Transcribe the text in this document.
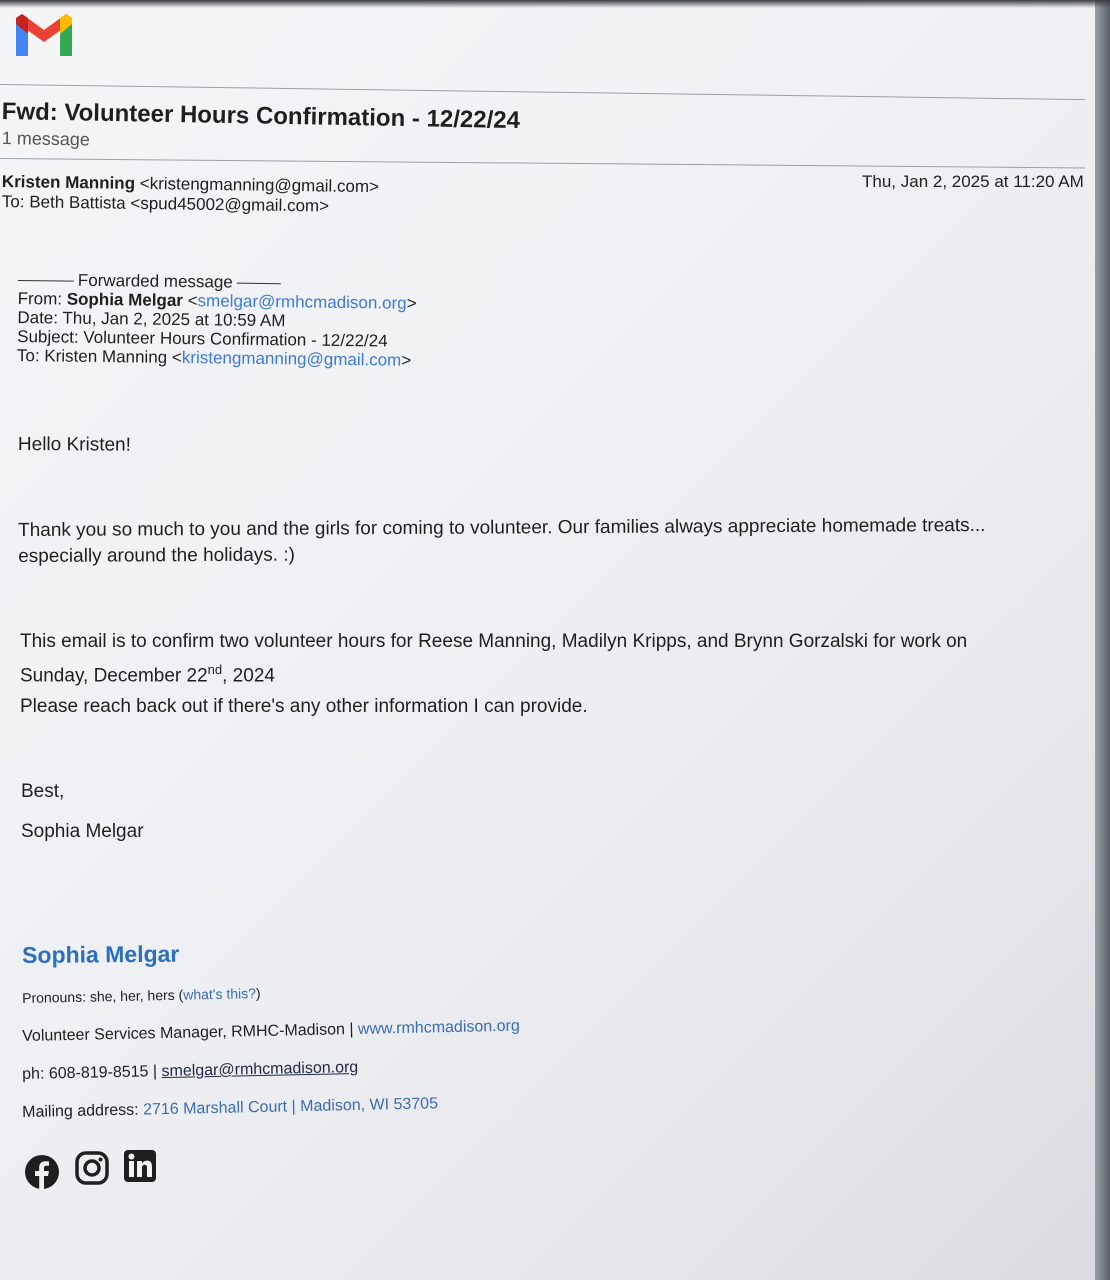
Fwd: Volunteer Hours Confirmation - 12/22/24
1 message
Kristen Manning <kristengmanning@gmail.com>	Thu, Jan 2, 2025 at 11:20 AM
To: Beth Battista <spud45002@gmail.com>
Forwarded message
From: Sophia Melgar <smelgar@rmhcmadison.org>
Date: Thu, Jan 2, 2025 at 10:59 AM
Subject: Volunteer Hours Confirmation - 12/22/24
To: Kristen Manning <kristengmanning@gmail.com>
Hello Kristen!
Thank you so much to you and the girls for coming to volunteer. Our families always appreciate homemade treats...
especially around the holidays. :)
This email is to confirm two volunteer hours for Reese Manning, Madilyn Kripps, and Brynn Gorzalski for work on
Sunday, December 22nd, 2024
Please reach back out if there's any other information I can provide.
Best,
Sophia Melgar
Sophia Melgar
Pronouns: she, her, hers (what's this?)
Volunteer Services Manager, RMHC-Madison | www.rmhcmadison.org
ph: 608-819-8515 | smelgar@rmhcmadison.org
Mailing address: 2716 Marshall Court | Madison, WI 53705
